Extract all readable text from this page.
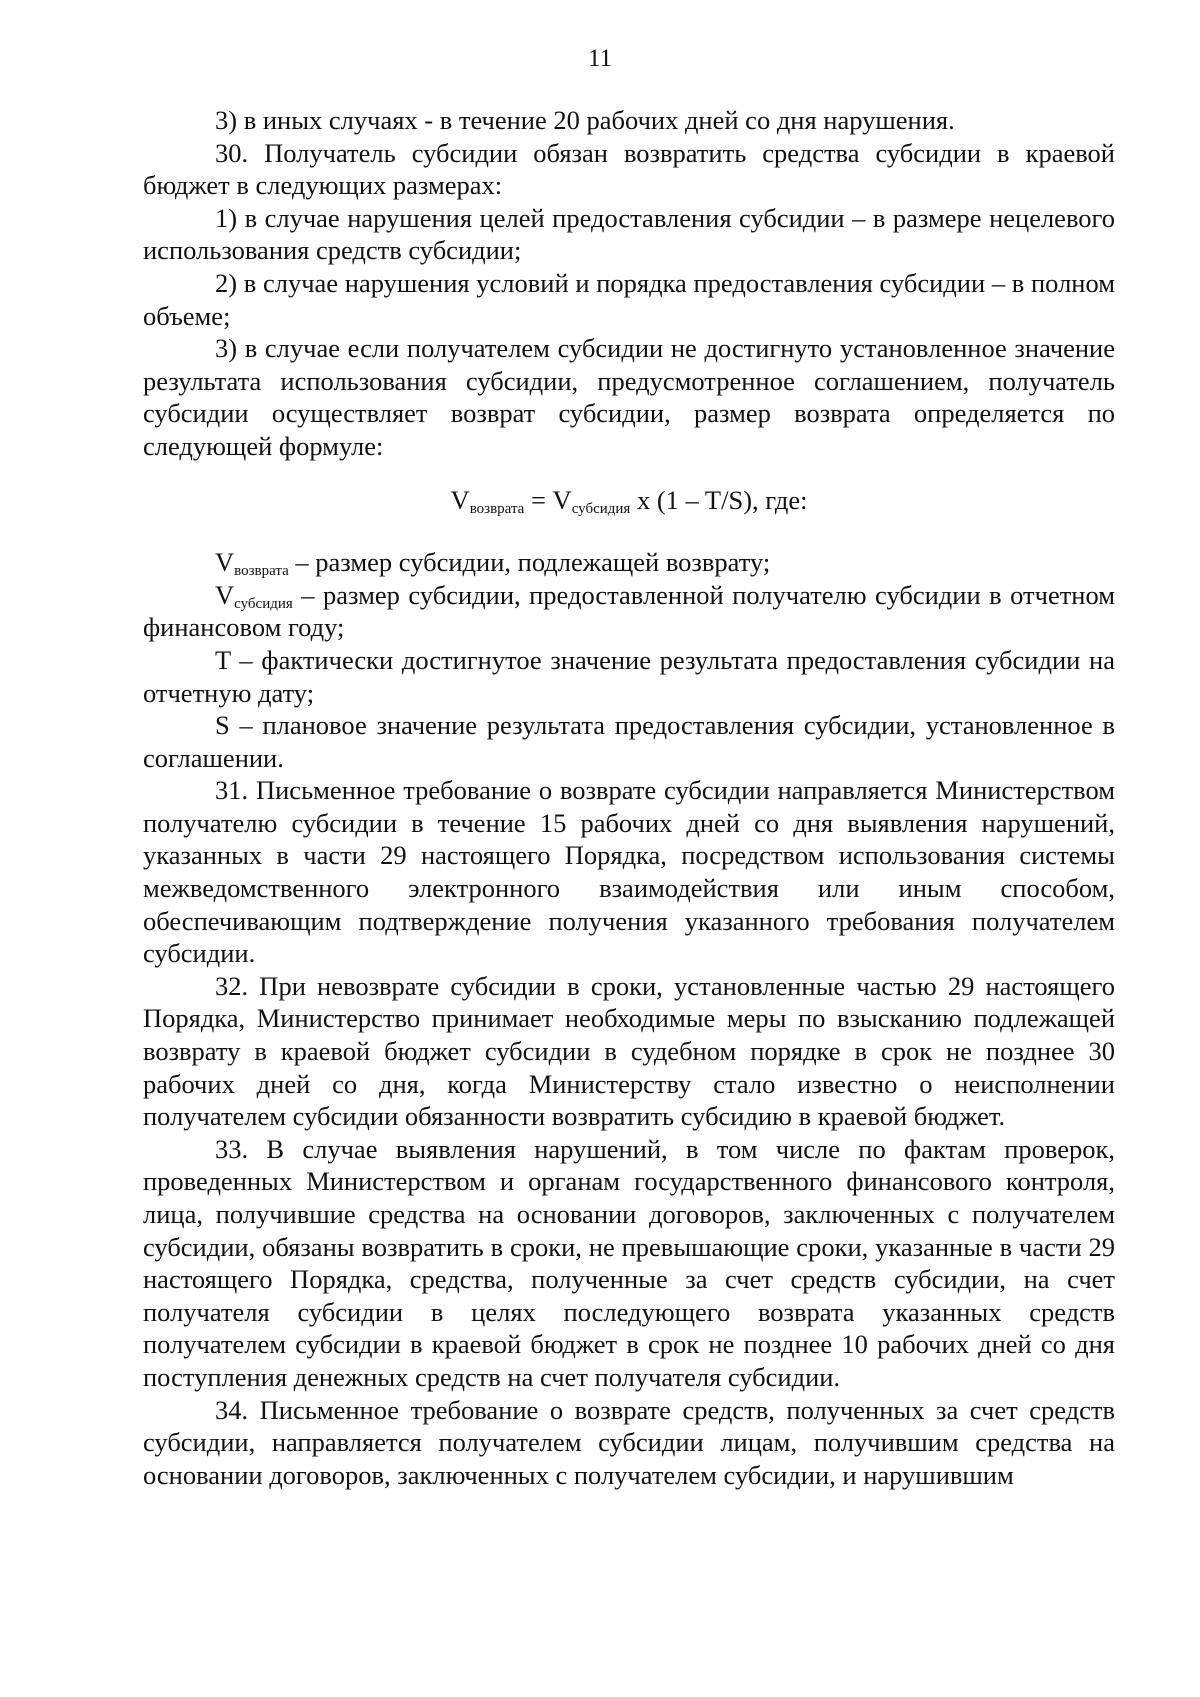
11

3) в иных случаях - в течение 20 рабочих дней со дня нарушения.

30. Получатель субсидии обязан возвратить средства субсидии в краевой бюджет в следующих размерах:

1) в случае нарушения целей предоставления субсидии – в размере нецелевого использования средств субсидии;

2) в случае нарушения условий и порядка предоставления субсидии – в полном объеме;

3) в случае если получателем субсидии не достигнуто установленное значение результата использования субсидии, предусмотренное соглашением, получатель субсидии осуществляет возврат субсидии, размер возврата определяется по следующей формуле:

$V_{возврата} = V_{субсидия}$ x (1 – T/S), где:

$V_{возврата}$ – размер субсидии, подлежащей возврату;

$V_{субсидия}$ – размер субсидии, предоставленной получателю субсидии в отчетном финансовом году;

T – фактически достигнутое значение результата предоставления субсидии на отчетную дату;

S – плановое значение результата предоставления субсидии, установленное в соглашении.

31. Письменное требование о возврате субсидии направляется Министерством получателю субсидии в течение 15 рабочих дней со дня выявления нарушений, указанных в части 29 настоящего Порядка, посредством использования системы межведомственного электронного взаимодействия или иным способом, обеспечивающим подтверждение получения указанного требования получателем субсидии.

32. При невозврате субсидии в сроки, установленные частью 29 настоящего Порядка, Министерство принимает необходимые меры по взысканию подлежащей возврату в краевой бюджет субсидии в судебном порядке в срок не позднее 30 рабочих дней со дня, когда Министерству стало известно о неисполнении получателем субсидии обязанности возвратить субсидию в краевой бюджет.

33. В случае выявления нарушений, в том числе по фактам проверок, проведенных Министерством и органам государственного финансового контроля, лица, получившие средства на основании договоров, заключенных с получателем субсидии, обязаны возвратить в сроки, не превышающие сроки, указанные в части 29 настоящего Порядка, средства, полученные за счет средств субсидии, на счет получателя субсидии в целях последующего возврата указанных средств получателем субсидии в краевой бюджет в срок не позднее 10 рабочих дней со дня поступления денежных средств на счет получателя субсидии.

34. Письменное требование о возврате средств, полученных за счет средств субсидии, направляется получателем субсидии лицам, получившим средства на основании договоров, заключенных с получателем субсидии, и нарушившим
